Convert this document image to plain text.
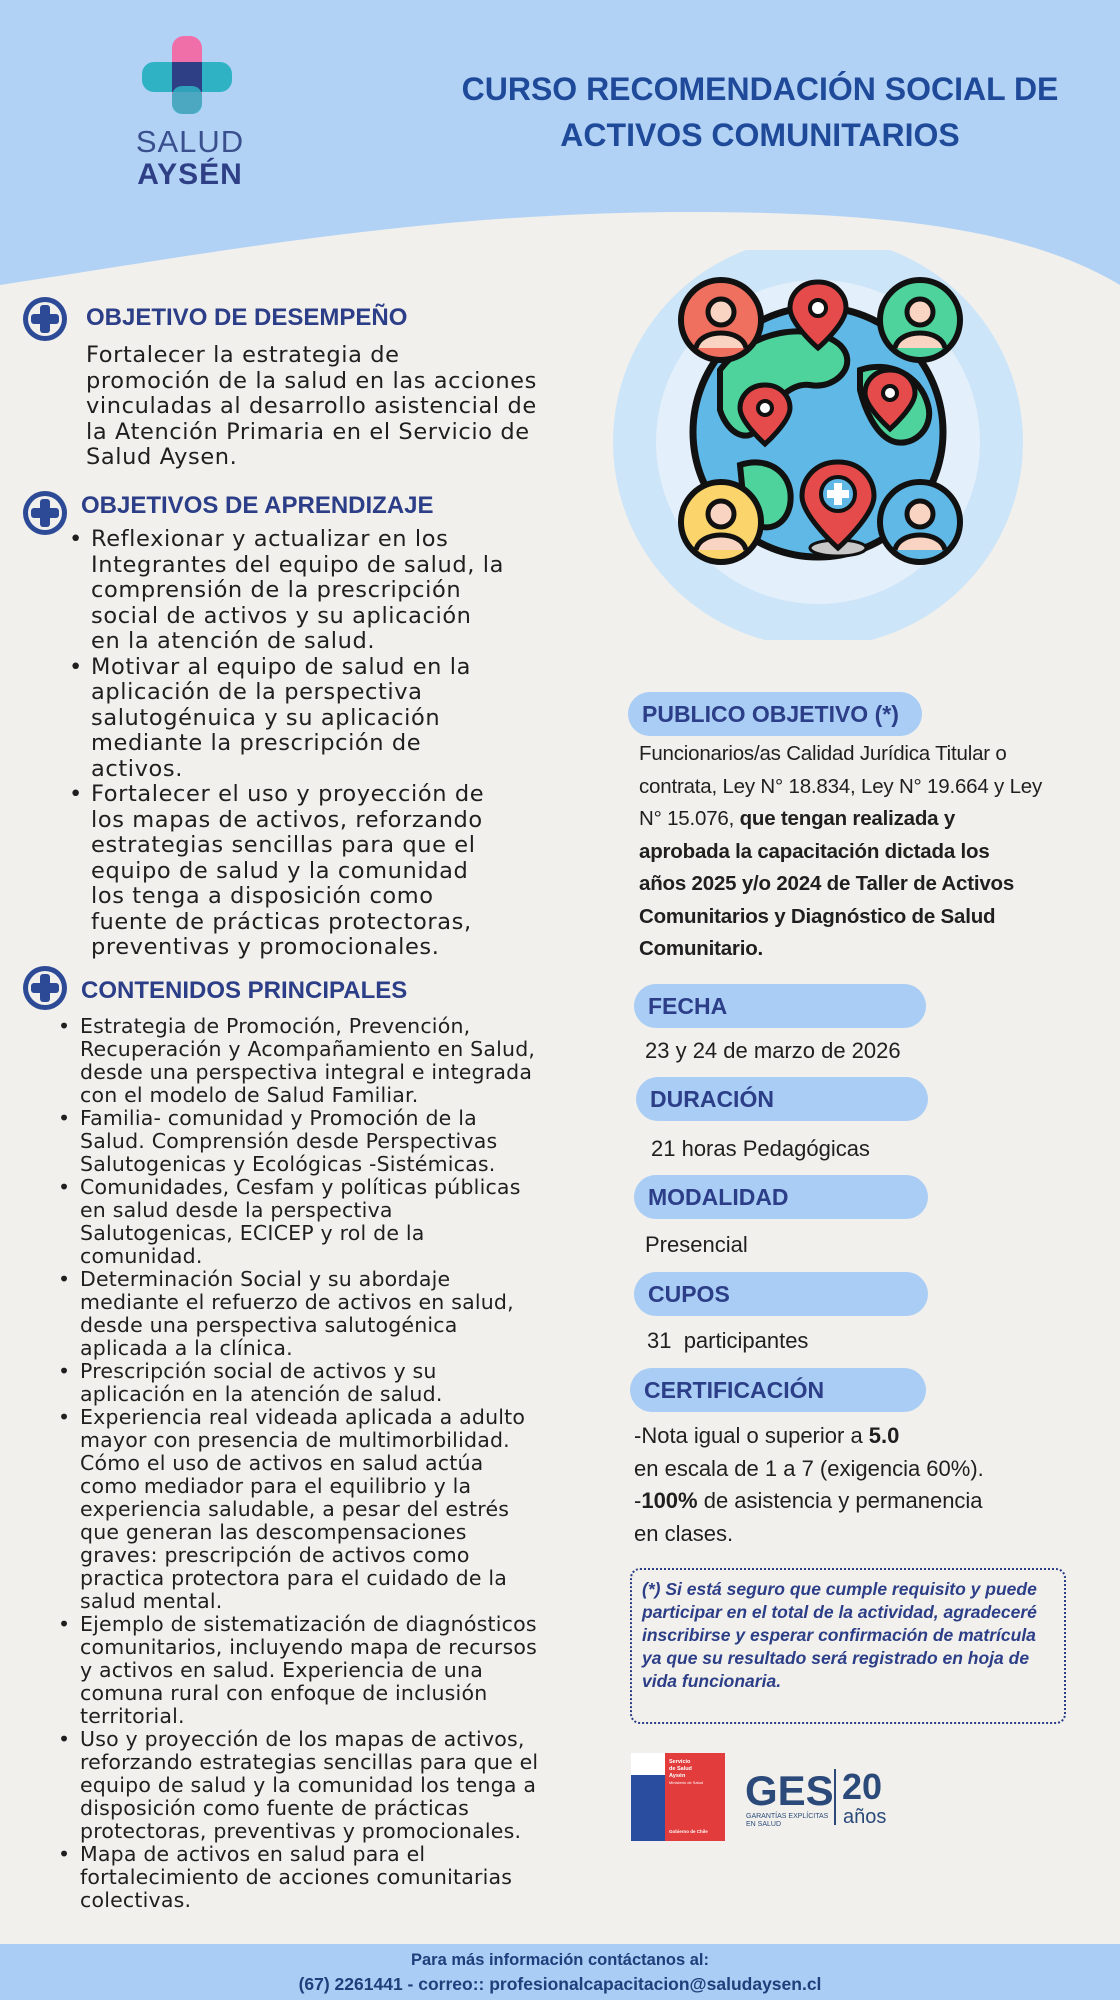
SALUD
AYSÉN
CURSO RECOMENDACIÓN SOCIAL DE
ACTIVOS COMUNITARIOS
OBJETIVO DE DESEMPEÑO
Fortalecer la estrategia de
promoción de la salud en las acciones
vinculadas al desarrollo asistencial de
la Atención Primaria en el Servicio de
Salud Aysen.
OBJETIVOS DE APRENDIZAJE
• Reflexionar y actualizar en los
Integrantes del equipo de salud, la
comprensión de la prescripción
social de activos y su aplicación
en la atención de salud.
• Motivar al equipo de salud en la
aplicación de la perspectiva
salutogénuica y su aplicación
mediante la prescripción de
activos.
• Fortalecer el uso y proyección de
los mapas de activos, reforzando
estrategias sencillas para que el
equipo de salud y la comunidad
los tenga a disposición como
fuente de prácticas protectoras,
preventivas y promocionales.
CONTENIDOS PRINCIPALES
• Estrategia de Promoción, Prevención,
Recuperación y Acompañamiento en Salud,
desde una perspectiva integral e integrada
con el modelo de Salud Familiar.
• Familia- comunidad y Promoción de la
Salud. Comprensión desde Perspectivas
Salutogenicas y Ecológicas -Sistémicas.
• Comunidades, Cesfam y políticas públicas
en salud desde la perspectiva
Salutogenicas, ECICEP y rol de la
comunidad.
• Determinación Social y su abordaje
mediante el refuerzo de activos en salud,
desde una perspectiva salutogénica
aplicada a la clínica.
• Prescripción social de activos y su
aplicación en la atención de salud.
• Experiencia real videada aplicada a adulto
mayor con presencia de multimorbilidad.
Cómo el uso de activos en salud actúa
como mediador para el equilibrio y la
experiencia saludable, a pesar del estrés
que generan las descompensaciones
graves: prescripción de activos como
practica protectora para el cuidado de la
salud mental.
• Ejemplo de sistematización de diagnósticos
comunitarios, incluyendo mapa de recursos
y activos en salud. Experiencia de una
comuna rural con enfoque de inclusión
territorial.
• Uso y proyección de los mapas de activos,
reforzando estrategias sencillas para que el
equipo de salud y la comunidad los tenga a
disposición como fuente de prácticas
protectoras, preventivas y promocionales.
• Mapa de activos en salud para el
fortalecimiento de acciones comunitarias
colectivas.
PUBLICO OBJETIVO (*)
Funcionarios/as Calidad Jurídica Titular o
contrata, Ley N° 18.834, Ley N° 19.664 y Ley
N° 15.076, que tengan realizada y
aprobada la capacitación dictada los
años 2025 y/o 2024 de Taller de Activos
Comunitarios y Diagnóstico de Salud
Comunitario.
FECHA
23 y 24 de marzo de 2026
DURACIÓN
21 horas Pedagógicas
MODALIDAD
Presencial
CUPOS
31  participantes
CERTIFICACIÓN
-Nota igual o superior a 5.0
en escala de 1 a 7 (exigencia 60%).
-100% de asistencia y permanencia
en clases.
(*) Si está seguro que cumple requisito y puede participar en el total de la actividad, agradeceré inscribirse y esperar confirmación de matrícula ya que su resultado será registrado en hoja de vida funcionaria.
Servicio
de Salud
Aysén
Ministerio de Salud
Gobierno de Chile
GES
GARANTÍAS EXPLÍCITAS
EN SALUD
20
años
Para más información contáctanos al:
(67) 2261441 - correo:: profesionalcapacitacion@saludaysen.cl
